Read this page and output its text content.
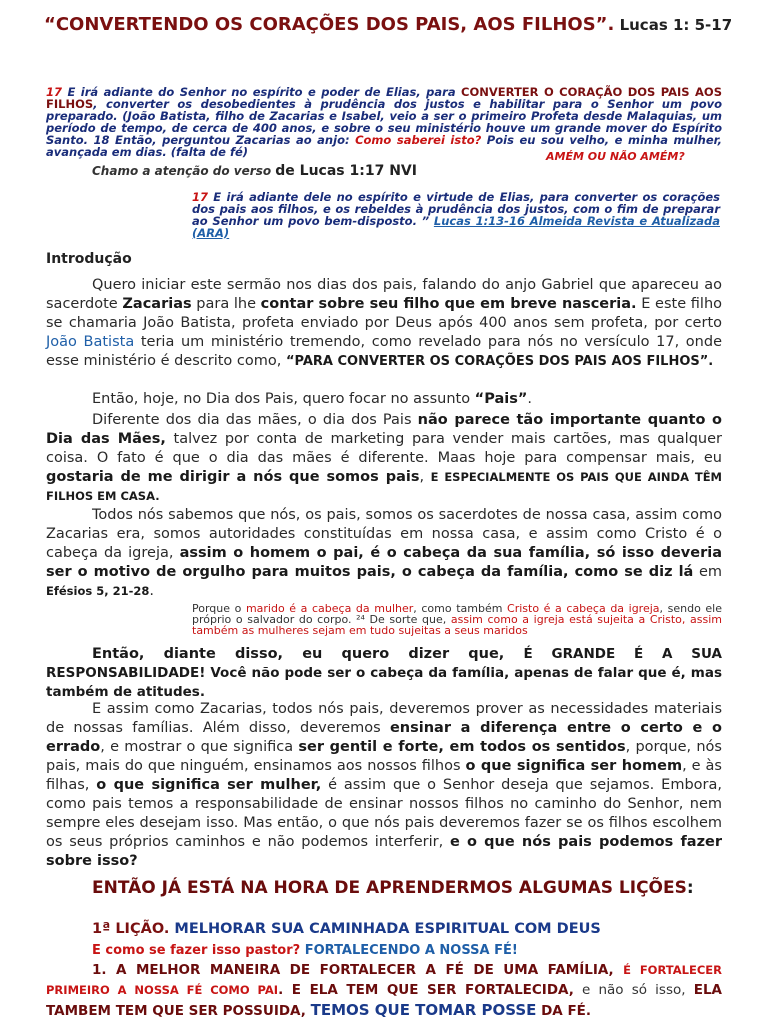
“CONVERTENDO OS CORAÇÕES DOS PAIS, AOS FILHOS”. Lucas 1: 5-17
17 E irá adiante do Senhor no espírito e poder de Elias, para CONVERTER O CORAÇÃO DOS PAIS AOS FILHOS, converter os desobedientes à prudência dos justos e habilitar para o Senhor um povo preparado. (João Batista, filho de Zacarias e Isabel, veio a ser o primeiro Profeta desde Malaquias, um período de tempo, de cerca de 400 anos, e sobre o seu ministério houve um grande mover do Espírito Santo. 18 Então, perguntou Zacarias ao anjo: Como saberei isto? Pois eu sou velho, e minha mulher, avançada em dias. (falta de fé)	AMÉM OU NÃO AMÉM?
Chamo a atenção do verso de Lucas 1:17 NVI
17 E irá adiante dele no espírito e virtude de Elias, para converter os corações dos pais aos filhos, e os rebeldes à prudência dos justos, com o fim de preparar ao Senhor um povo bem-disposto. ” Lucas 1:13-16 Almeida Revista e Atualizada (ARA)
Introdução
Quero iniciar este sermão nos dias dos pais, falando do anjo Gabriel que apareceu ao sacerdote Zacarias para lhe contar sobre seu filho que em breve nasceria. E este filho se chamaria João Batista, profeta enviado por Deus após 400 anos sem profeta, por certo João Batista teria um ministério tremendo, como revelado para nós no versículo 17, onde esse ministério é descrito como, “PARA CONVERTER OS CORAÇÕES DOS PAIS AOS FILHOS”.
Então, hoje, no Dia dos Pais, quero focar no assunto “Pais”.
Diferente dos dia das mães, o dia dos Pais não parece tão importante quanto o Dia das Mães, talvez por conta de marketing para vender mais cartões, mas qualquer coisa. O fato é que o dia das mães é diferente. Maas hoje para compensar mais, eu gostaria de me dirigir a nós que somos pais, E ESPECIALMENTE OS PAIS QUE AINDA TÊM FILHOS EM CASA.
Todos nós sabemos que nós, os pais, somos os sacerdotes de nossa casa, assim como Zacarias era, somos autoridades constituídas em nossa casa, e assim como Cristo é o cabeça da igreja, assim o homem o pai, é o cabeça da sua família, só isso deveria ser o motivo de orgulho para muitos pais, o cabeça da família, como se diz lá em Efésios 5, 21-28.
Porque o marido é a cabeça da mulher, como também Cristo é a cabeça da igreja, sendo ele próprio o salvador do corpo. ²⁴ De sorte que, assim como a igreja está sujeita a Cristo, assim também as mulheres sejam em tudo sujeitas a seus maridos
Então, diante disso, eu quero dizer que, É GRANDE É A SUA RESPONSABILIDADE! Você não pode ser o cabeça da família, apenas de falar que é, mas também de atitudes.
E assim como Zacarias, todos nós pais, deveremos prover as necessidades materiais de nossas famílias. Além disso, deveremos ensinar a diferença entre o certo e o errado, e mostrar o que significa ser gentil e forte, em todos os sentidos, porque, nós pais, mais do que ninguém, ensinamos aos nossos filhos o que significa ser homem, e às filhas, o que significa ser mulher, é assim que o Senhor deseja que sejamos. Embora, como pais temos a responsabilidade de ensinar nossos filhos no caminho do Senhor, nem sempre eles desejam isso. Mas então, o que nós pais deveremos fazer se os filhos escolhem os seus próprios caminhos e não podemos interferir, e o que nós pais podemos fazer sobre isso?
ENTÃO JÁ ESTÁ NA HORA DE APRENDERMOS ALGUMAS LIÇÕES:
1ª LIÇÃO. MELHORAR SUA CAMINHADA ESPIRITUAL COM DEUS
E como se fazer isso pastor? FORTALECENDO A NOSSA FÉ!
1. A MELHOR MANEIRA DE FORTALECER A FÉ DE UMA FAMÍLIA, É FORTALECER PRIMEIRO A NOSSA FÉ COMO PAI. E ELA TEM QUE SER FORTALECIDA, e não só isso, ELA TAMBEM TEM QUE SER POSSUIDA, TEMOS QUE TOMAR POSSE DA FÉ.
